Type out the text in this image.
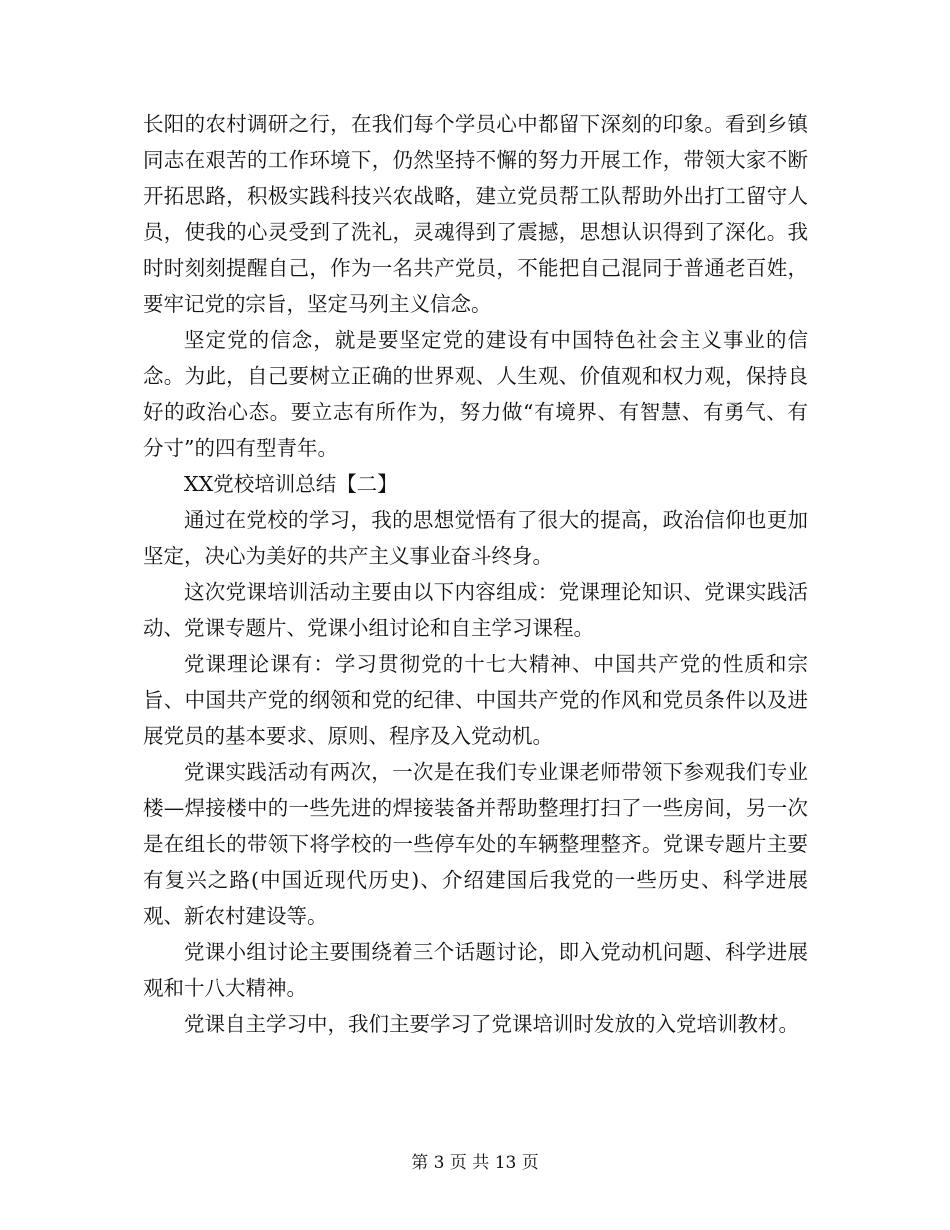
长阳的农村调研之行，在我们每个学员心中都留下深刻的印象。看到乡镇同志在艰苦的工作环境下，仍然坚持不懈的努力开展工作，带领大家不断开拓思路，积极实践科技兴农战略，建立党员帮工队帮助外出打工留守人员，使我的心灵受到了洗礼，灵魂得到了震撼，思想认识得到了深化。我时时刻刻提醒自己，作为一名共产党员，不能把自己混同于普通老百姓，要牢记党的宗旨，坚定马列主义信念。

坚定党的信念，就是要坚定党的建设有中国特色社会主义事业的信念。为此，自己要树立正确的世界观、人生观、价值观和权力观，保持良好的政治心态。要立志有所作为，努力做“有境界、有智慧、有勇气、有分寸”的四有型青年。

XX党校培训总结【二】

通过在党校的学习，我的思想觉悟有了很大的提高，政治信仰也更加坚定，决心为美好的共产主义事业奋斗终身。

这次党课培训活动主要由以下内容组成：党课理论知识、党课实践活动、党课专题片、党课小组讨论和自主学习课程。

党课理论课有：学习贯彻党的十七大精神、中国共产党的性质和宗旨、中国共产党的纲领和党的纪律、中国共产党的作风和党员条件以及进展党员的基本要求、原则、程序及入党动机。

党课实践活动有两次，一次是在我们专业课老师带领下参观我们专业楼—焊接楼中的一些先进的焊接装备并帮助整理打扫了一些房间，另一次是在组长的带领下将学校的一些停车处的车辆整理整齐。党课专题片主要有复兴之路(中国近现代历史)、介绍建国后我党的一些历史、科学进展观、新农村建设等。

党课小组讨论主要围绕着三个话题讨论，即入党动机问题、科学进展观和十八大精神。

党课自主学习中，我们主要学习了党课培训时发放的入党培训教材。

第 3 页 共 13 页
